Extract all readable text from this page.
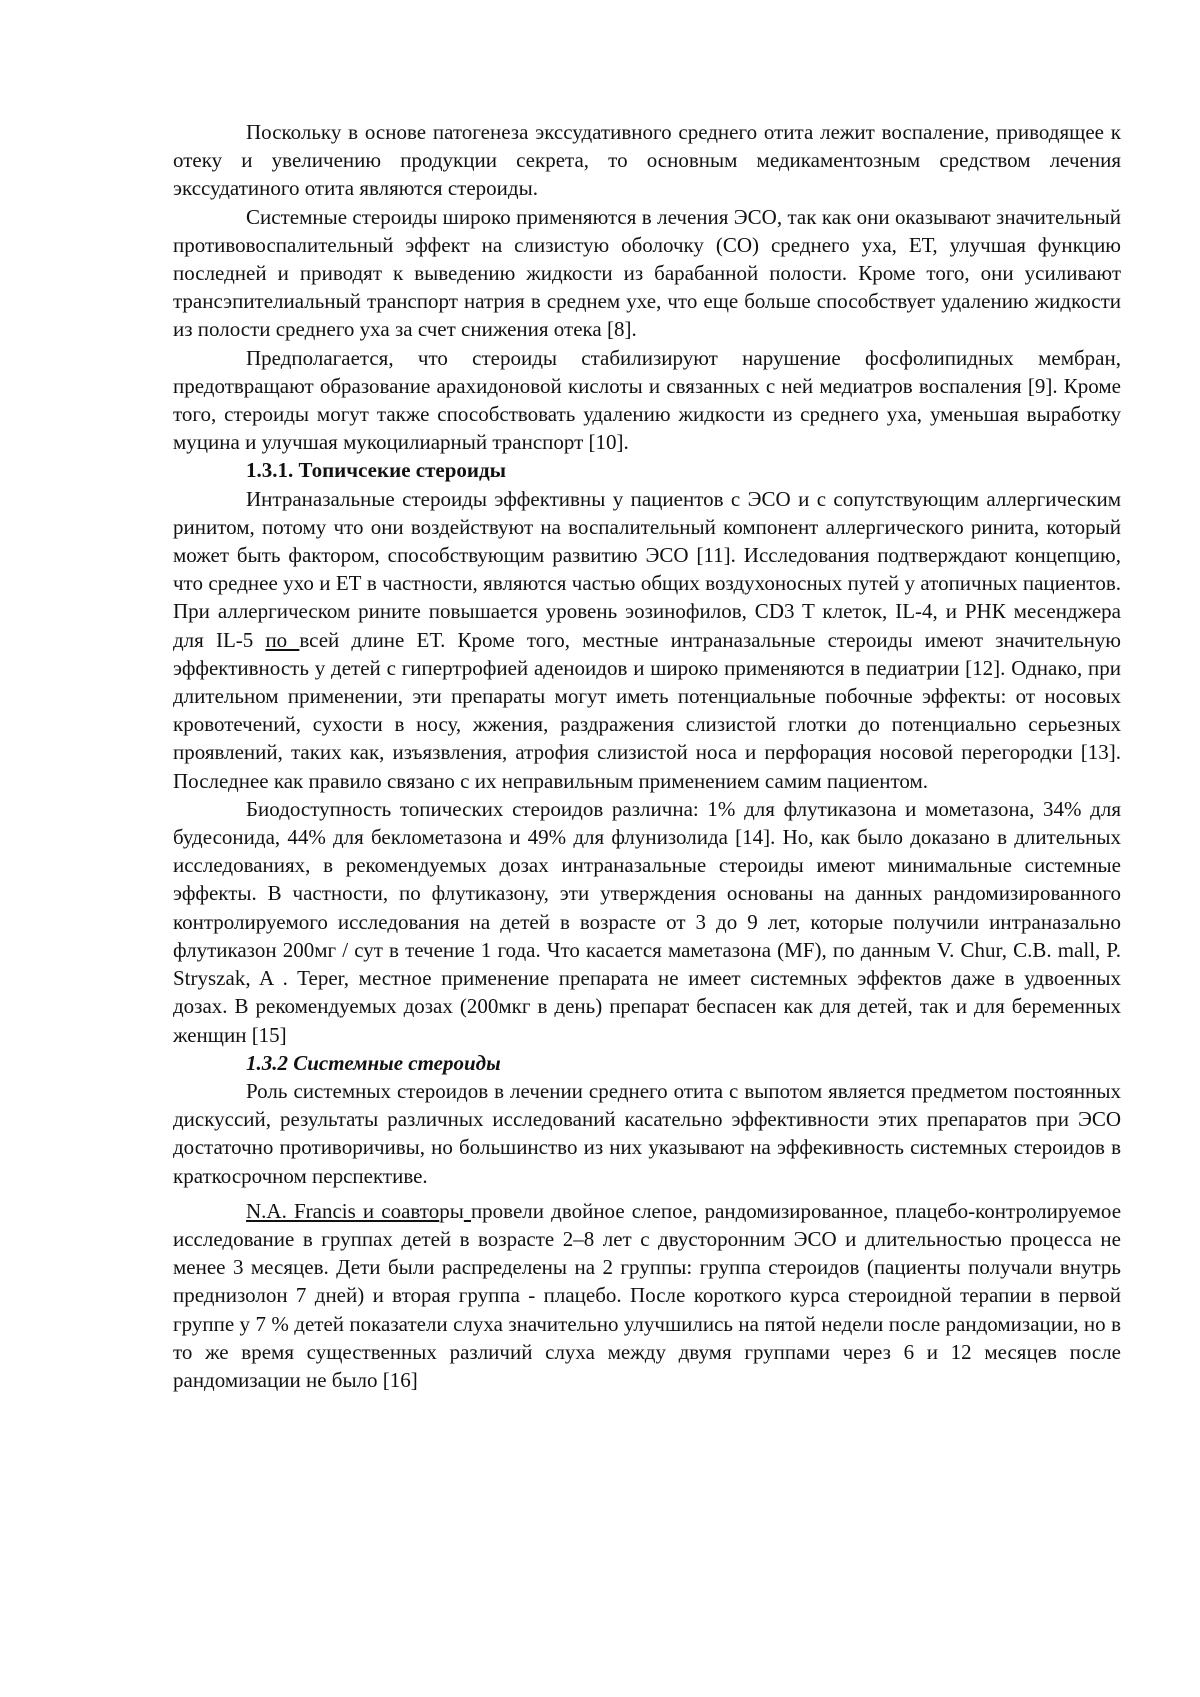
Поскольку в основе патогенеза экссудативного среднего отита лежит воспаление, приводящее к отеку и увеличению продукции секрета, то основным медикаментозным средством лечения экссудатиного отита являются стероиды.

Системные стероиды широко применяются в лечения ЭСО, так как они оказывают значительный противовоспалительный эффект на слизистую оболочку (СО) среднего уха, ЕТ, улучшая функцию последней и приводят к выведению жидкости из барабанной полости. Кроме того, они усиливают трансэпителиальный транспорт натрия в среднем ухе, что еще больше способствует удалению жидкости из полости среднего уха за счет снижения отека [8].

Предполагается, что стероиды стабилизируют нарушение фосфолипидных мембран, предотвращают образование арахидоновой кислоты и связанных с ней медиатров воспаления [9]. Кроме того, стероиды могут также способствовать удалению жидкости из среднего уха, уменьшая выработку муцина и улучшая мукоцилиарный транспорт [10].

1.3.1. Топичсекие стероиды

Интраназальные стероиды эффективны у пациентов с ЭСО и с сопутствующим аллергическим ринитом, потому что они воздействуют на воспалительный компонент аллергического ринита, который может быть фактором, способствующим развитию ЭСО [11]. Исследования подтверждают концепцию, что среднее ухо и ЕТ в частности, являются частью общих воздухоносных путей у атопичных пациентов. При аллергическом рините повышается уровень эозинофилов, CD3 T клеток, IL-4, и РНК месенджера для IL-5 по всей длине ЕТ. Кроме того, местные интраназальные стероиды имеют значительную эффективность у детей с гипертрофией аденоидов и широко применяются в педиатрии [12]. Однако, при длительном применении, эти препараты могут иметь потенциальные побочные эффекты: от носовых кровотечений, сухости в носу, жжения, раздражения слизистой глотки до потенциально серьезных проявлений, таких как, изъязвления, атрофия слизистой носа и перфорация носовой перегородки [13]. Последнее как правило связано с их неправильным применением самим пациентом.

Биодоступность топических стероидов различна: 1% для флутиказона и мометазона, 34% для будесонида, 44% для беклометазона и 49% для флунизолида [14]. Но, как было доказано в длительных исследованиях, в рекомендуемых дозах интраназальные стероиды имеют минимальные системные эффекты. В частности, по флутиказону, эти утверждения основаны на данных рандомизированного контролируемого исследования на детей в возрасте от 3 до 9 лет, которые получили интраназально флутиказон 200мг / сут в течение 1 года. Что касается маметазона (MF), по данным V. Chur, C.B. mall, P. Stryszak, A . Teper, местное применение препарата не имеет системных эффектов даже в удвоенных дозах. В рекомендуемых дозах (200мкг в день) препарат беспасен как для детей, так и для беременных женщин [15]

1.3.2 Системные стероиды

Роль системных стероидов в лечении среднего отита с выпотом является предметом постоянных дискуссий, результаты различных исследований касательно эффективности этих препаратов при ЭСО достаточно противоричивы, но большинство из них указывают на эффекивность системных стероидов в краткосрочном перспективе.

N.A. Francis и соавторы провели двойное слепое, рандомизированное, плацебо-контролируемое исследование в группах детей в возрасте 2–8 лет с двусторонним ЭСО и длительностью процесса не менее 3 месяцев. Дети были распределены на 2 группы: группа стероидов (пациенты получали внутрь преднизолон 7 дней) и вторая группа - плацебо. После короткого курса стероидной терапии в первой группе у 7 % детей показатели слуха значительно улучшились на пятой недели после рандомизации, но в то же время существенных различий слуха между двумя группами через 6 и 12 месяцев после рандомизации не было [16]
